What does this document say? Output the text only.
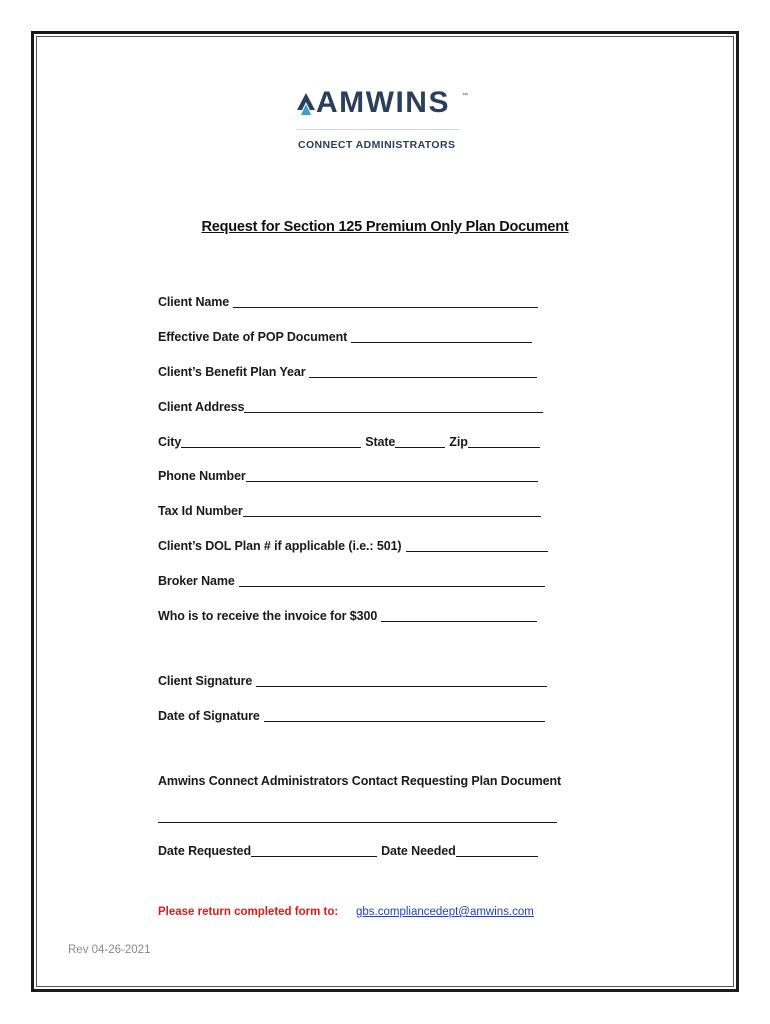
AMWINS ™
CONNECT ADMINISTRATORS
Request for Section 125 Premium Only Plan Document
Client Name
Effective Date of POP Document
Client’s Benefit Plan Year
Client Address
City	State	Zip
Phone Number
Tax Id Number
Client’s DOL Plan # if applicable (i.e.: 501)
Broker Name
Who is to receive the invoice for $300
Client Signature
Date of Signature
Amwins Connect Administrators Contact Requesting Plan Document
Date Requested	Date Needed
Please return completed form to: gbs.compliancedept@amwins.com
Rev 04-26-2021
